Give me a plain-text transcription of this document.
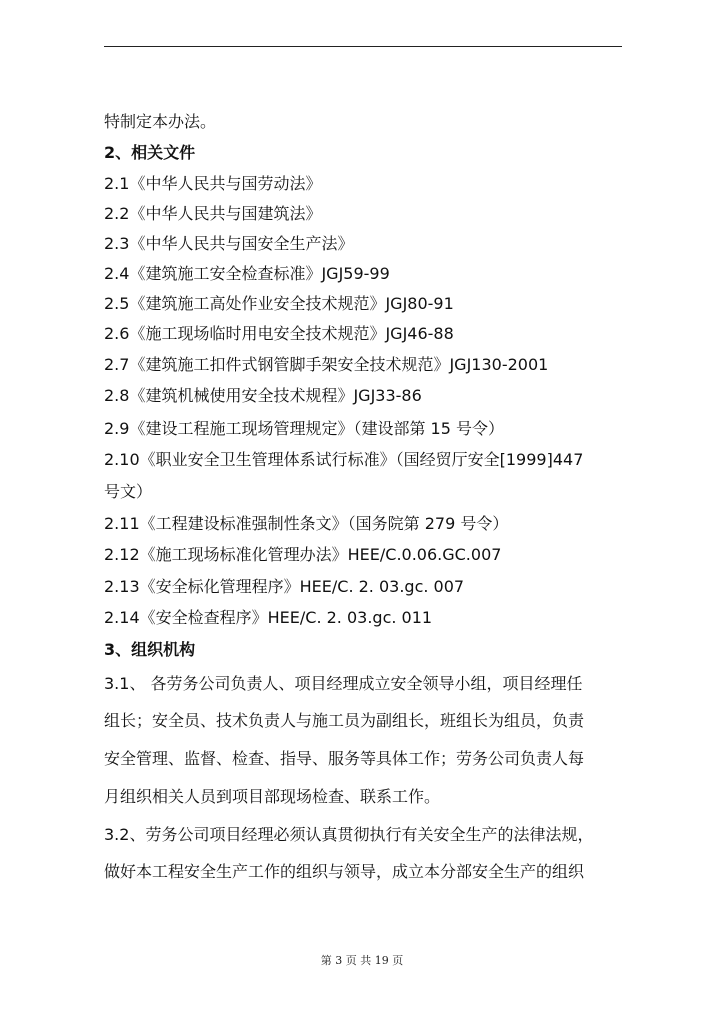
特制定本办法。
2、相关文件
2.1《中华人民共与国劳动法》
2.2《中华人民共与国建筑法》
2.3《中华人民共与国安全生产法》
2.4《建筑施工安全检查标准》JGJ59-99
2.5《建筑施工高处作业安全技术规范》JGJ80-91
2.6《施工现场临时用电安全技术规范》JGJ46-88
2.7《建筑施工扣件式钢管脚手架安全技术规范》JGJ130-2001
2.8《建筑机械使用安全技术规程》JGJ33-86
2.9《建设工程施工现场管理规定》（建设部第 15 号令）
2.10《职业安全卫生管理体系试行标准》（国经贸厅安全[1999]447
号文）
2.11《工程建设标准强制性条文》（国务院第 279 号令）
2.12《施工现场标准化管理办法》HEE/C.0.06.GC.007
2.13《安全标化管理程序》HEE/C. 2. 03.gc. 007
2.14《安全检查程序》HEE/C. 2. 03.gc. 011
3、组织机构
3.1、 各劳务公司负责人、项目经理成立安全领导小组，项目经理任
组长；安全员、技术负责人与施工员为副组长，班组长为组员，负责
安全管理、监督、检查、指导、服务等具体工作；劳务公司负责人每
月组织相关人员到项目部现场检查、联系工作。
3.2、劳务公司项目经理必须认真贯彻执行有关安全生产的法律法规，
做好本工程安全生产工作的组织与领导，成立本分部安全生产的组织
第 3 页 共 19 页
